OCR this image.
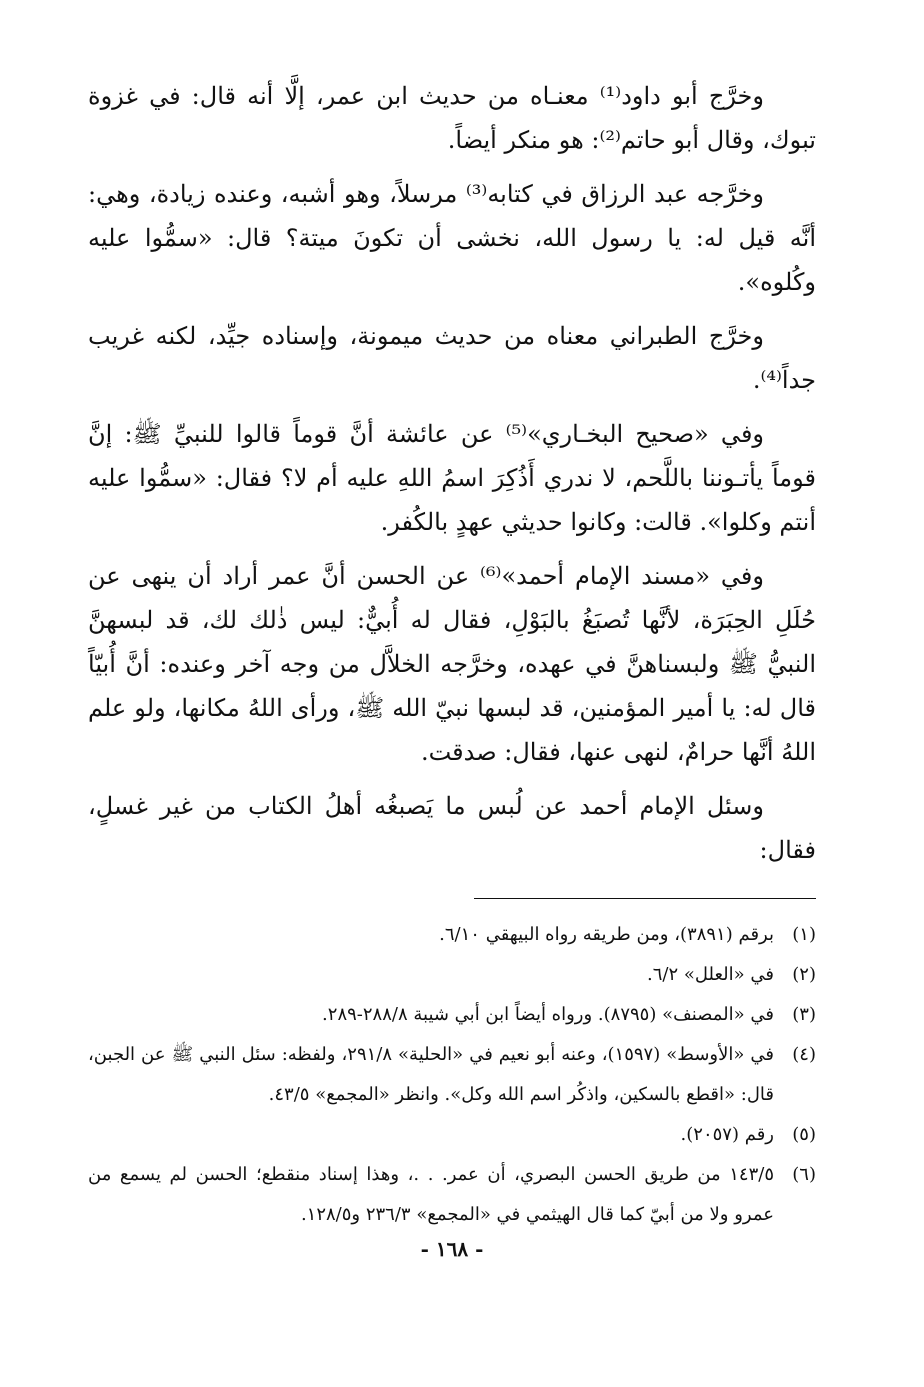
وخرَّج أبو داود⁽¹⁾ معنـاه من حديث ابن عمر، إلَّا أنه قال: في غزوة تبوك، وقال أبو حاتم⁽²⁾: هو منكر أيضاً.

وخرَّجه عبد الرزاق في كتابه⁽³⁾ مرسلاً، وهو أشبه، وعنده زيادة، وهي: أنَّه قيل له: يا رسول الله، نخشى أن تكونَ ميتة؟ قال: «سمُّوا عليه وكُلوه».

وخرَّج الطبراني معناه من حديث ميمونة، وإسناده جيِّد، لكنه غريب جداً⁽⁴⁾.

وفي «صحيح البخـاري»⁽⁵⁾ عن عائشة أنَّ قوماً قالوا للنبيِّ ﷺ: إنَّ قوماً يأتـوننا باللَّحم، لا ندري أَذُكِرَ اسمُ اللهِ عليه أم لا؟ فقال: «سمُّوا عليه أنتم وكلوا». قالت: وكانوا حديثي عهدٍ بالكُفر.

وفي «مسند الإمام أحمد»⁽⁶⁾ عن الحسن أنَّ عمر أراد أن ينهى عن حُلَلِ الحِبَرَة، لأنَّها تُصبَغُ بالبَوْلِ، فقال له أُبيٌّ: ليس ذٰلك لك، قد لبسهنَّ النبيُّ ﷺ ولبسناهنَّ في عهده، وخرَّجه الخلاَّل من وجه آخر وعنده: أنَّ أُبيّاً قال له: يا أمير المؤمنين، قد لبسها نبيّ الله ﷺ، ورأى اللهُ مكانها، ولو علم اللهُ أنَّها حرامٌ، لنهى عنها، فقال: صدقت.

وسئل الإمام أحمد عن لُبس ما يَصبغُه أهلُ الكتاب من غير غسلٍ، فقال:

(١)
برقم (٣٨٩١)، ومن طريقه رواه البيهقي ٦/١٠.

(٢)
في «العلل» ٦/٢.

(٣)
في «المصنف» (٨٧٩٥). ورواه أيضاً ابن أبي شيبة ٢٨٨/٨-٢٨٩.

(٤)
في «الأوسط» (١٥٩٧)، وعنه أبو نعيم في «الحلية» ٢٩١/٨، ولفظه: سئل النبي ﷺ عن الجبن، قال: «اقطع بالسكين، واذكُر اسم الله وكل». وانظر «المجمع» ٤٣/٥.

(٥)
رقم (٢٠٥٧).

(٦)
١٤٣/٥ من طريق الحسن البصري، أن عمر. . .، وهذا إسناد منقطع؛ الحسن لم يسمع من عمرو ولا من أبيّ كما قال الهيثمي في «المجمع» ٢٣٦/٣ و١٢٨/٥.

- ١٦٨ -
